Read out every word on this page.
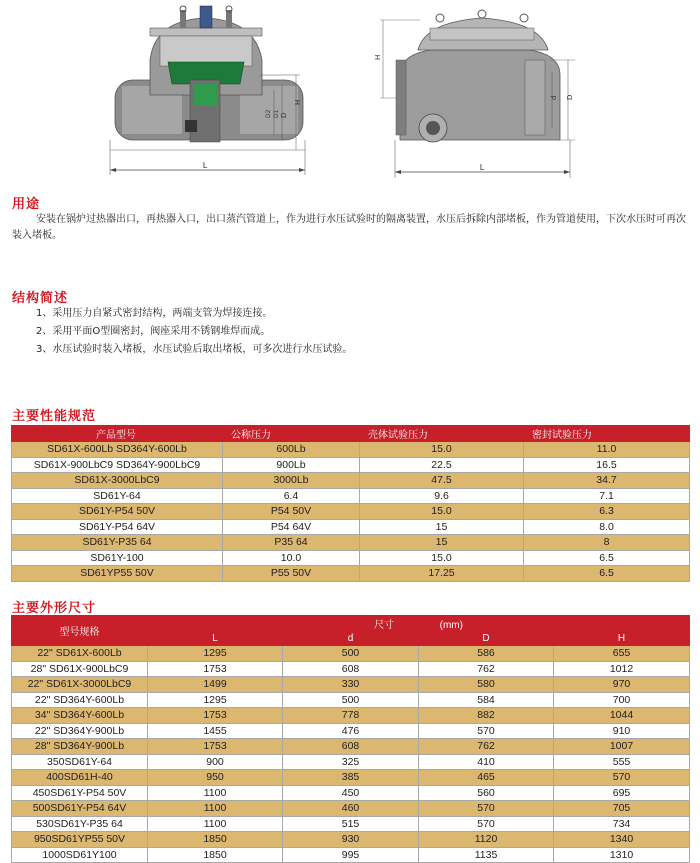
L
H
D
D1
D2
L
H
D
d
用途
安装在锅炉过热器出口，再热器入口，出口蒸汽管道上，作为进行水压试验时的隔离装置，水压后拆除内部堵板，作为管道使用，下次水压时可再次装入堵板。
结构简述
1、采用压力自紧式密封结构，两端支管为焊接连接。
2、采用平面O型圈密封，阀座采用不锈钢堆焊而成。
3、水压试验时装入堵板，水压试验后取出堵板，可多次进行水压试验。
主要性能规范
产品型号	公称压力	壳体试验压力	密封试验压力
SD61X-600Lb SD364Y-600Lb	600Lb	15.0	11.0
SD61X-900LbC9 SD364Y-900LbC9	900Lb	22.5	16.5
SD61X-3000LbC9	3000Lb	47.5	34.7
SD61Y-64	6.4	9.6	7.1
SD61Y-P54 50V	P54 50V	15.0	6.3
SD61Y-P54 64V	P54 64V	15	8.0
SD61Y-P35 64	P35 64	15	8
SD61Y-100	10.0	15.0	6.5
SD61YP55 50V	P55 50V	17.25	6.5
主要外形尺寸
型号规格	尺寸 (mm)			
	L	d	D	H
22" SD61X-600Lb	1295	500	586	655
28" SD61X-900LbC9	1753	608	762	1012
22" SD61X-3000LbC9	1499	330	580	970
22" SD364Y-600Lb	1295	500	584	700
34" SD364Y-600Lb	1753	778	882	1044
22" SD364Y-900Lb	1455	476	570	910
28" SD364Y-900Lb	1753	608	762	1007
350SD61Y-64	900	325	410	555
400SD61H-40	950	385	465	570
450SD61Y-P54 50V	1100	450	560	695
500SD61Y-P54 64V	1100	460	570	705
530SD61Y-P35 64	1100	515	570	734
950SD61YP55 50V	1850	930	1120	1340
1000SD61Y100	1850	995	1135	1310
